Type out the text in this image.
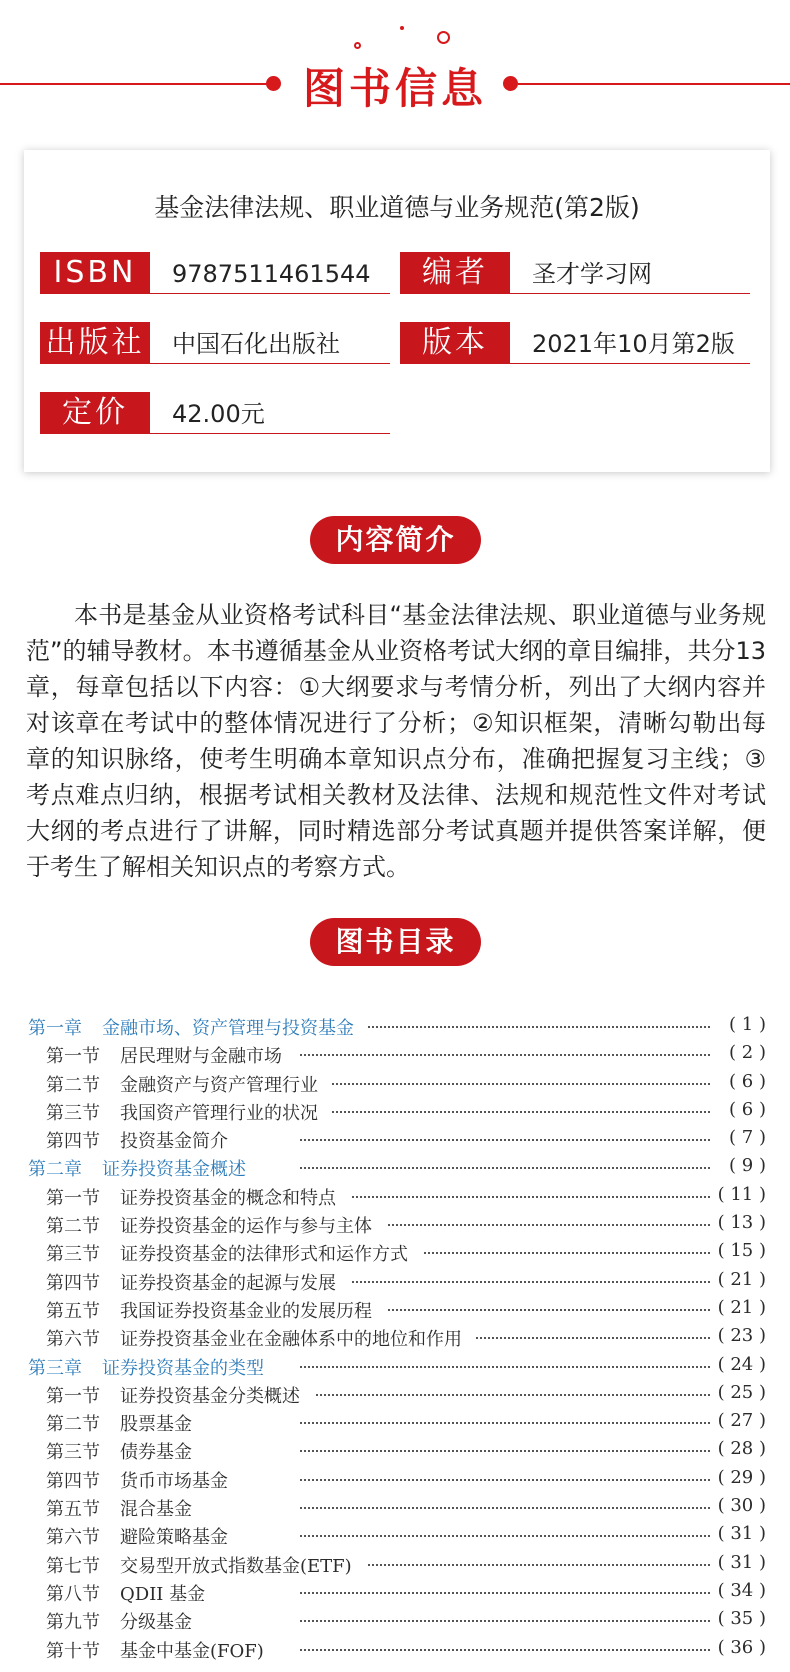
图书信息
基金法律法规、职业道德与业务规范(第2版)
ISBN	9787511461544	编者	圣才学习网
出版社	中国石化出版社	版本	2021年10月第2版
定价	42.00元
内容简介

本书是基金从业资格考试科目“基金法律法规、职业道德与业务规范”的辅导教材。本书遵循基金从业资格考试大纲的章目编排，共分13章，每章包括以下内容：①大纲要求与考情分析，列出了大纲内容并对该章在考试中的整体情况进行了分析；②知识框架，清晰勾勒出每章的知识脉络，使考生明确本章知识点分布，准确把握复习主线；③考点难点归纳，根据考试相关教材及法律、法规和规范性文件对考试大纲的考点进行了讲解，同时精选部分考试真题并提供答案详解，便于考生了解相关知识点的考察方式。

图书目录
第一章 金融市场、资产管理与投资基金	( 1 )
第一节 居民理财与金融市场	( 2 )
第二节 金融资产与资产管理行业	( 6 )
第三节 我国资产管理行业的状况	( 6 )
第四节 投资基金简介	( 7 )
第二章 证券投资基金概述	( 9 )
第一节 证券投资基金的概念和特点	( 11 )
第二节 证券投资基金的运作与参与主体	( 13 )
第三节 证券投资基金的法律形式和运作方式	( 15 )
第四节 证券投资基金的起源与发展	( 21 )
第五节 我国证券投资基金业的发展历程	( 21 )
第六节 证券投资基金业在金融体系中的地位和作用	( 23 )
第三章 证券投资基金的类型	( 24 )
第一节 证券投资基金分类概述	( 25 )
第二节 股票基金	( 27 )
第三节 债券基金	( 28 )
第四节 货币市场基金	( 29 )
第五节 混合基金	( 30 )
第六节 避险策略基金	( 31 )
第七节 交易型开放式指数基金(ETF)	( 31 )
第八节 QDII 基金	( 34 )
第九节 分级基金	( 35 )
第十节 基金中基金(FOF)	( 36 )
